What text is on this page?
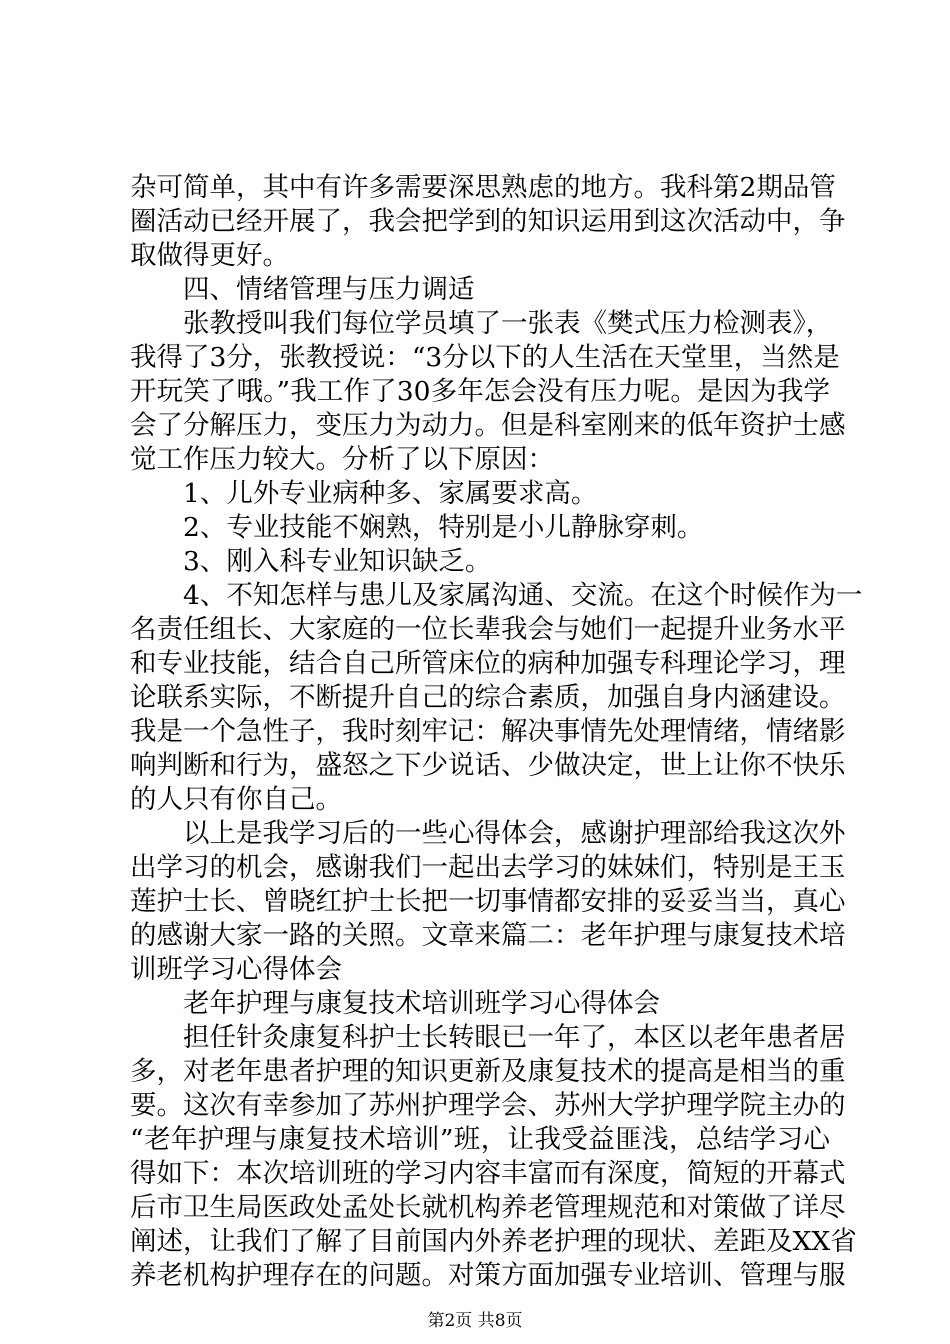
杂可简单，其中有许多需要深思熟虑的地方。我科第2期品管
圈活动已经开展了，我会把学到的知识运用到这次活动中，争
取做得更好。
　　四、情绪管理与压力调适
　　张教授叫我们每位学员填了一张表《樊式压力检测表》，
我得了3分，张教授说：“3分以下的人生活在天堂里，当然是
开玩笑了哦。”我工作了30多年怎会没有压力呢。是因为我学
会了分解压力，变压力为动力。但是科室刚来的低年资护士感
觉工作压力较大。分析了以下原因：
　　1、儿外专业病种多、家属要求高。
　　2、专业技能不娴熟，特别是小儿静脉穿刺。
　　3、刚入科专业知识缺乏。
　　4、不知怎样与患儿及家属沟通、交流。在这个时候作为一
名责任组长、大家庭的一位长辈我会与她们一起提升业务水平
和专业技能，结合自己所管床位的病种加强专科理论学习，理
论联系实际，不断提升自己的综合素质，加强自身内涵建设。
我是一个急性子，我时刻牢记：解决事情先处理情绪，情绪影
响判断和行为，盛怒之下少说话、少做决定，世上让你不快乐
的人只有你自己。
　　以上是我学习后的一些心得体会，感谢护理部给我这次外
出学习的机会，感谢我们一起出去学习的妹妹们，特别是王玉
莲护士长、曾晓红护士长把一切事情都安排的妥妥当当，真心
的感谢大家一路的关照。文章来篇二：老年护理与康复技术培
训班学习心得体会
　　老年护理与康复技术培训班学习心得体会
　　担任针灸康复科护士长转眼已一年了，本区以老年患者居
多，对老年患者护理的知识更新及康复技术的提高是相当的重
要。这次有幸参加了苏州护理学会、苏州大学护理学院主办的
“老年护理与康复技术培训”班，让我受益匪浅，总结学习心
得如下：本次培训班的学习内容丰富而有深度，简短的开幕式
后市卫生局医政处孟处长就机构养老管理规范和对策做了详尽
阐述，让我们了解了目前国内外养老护理的现状、差距及XX省
养老机构护理存在的问题。对策方面加强专业培训、管理与服
第2页 共8页
